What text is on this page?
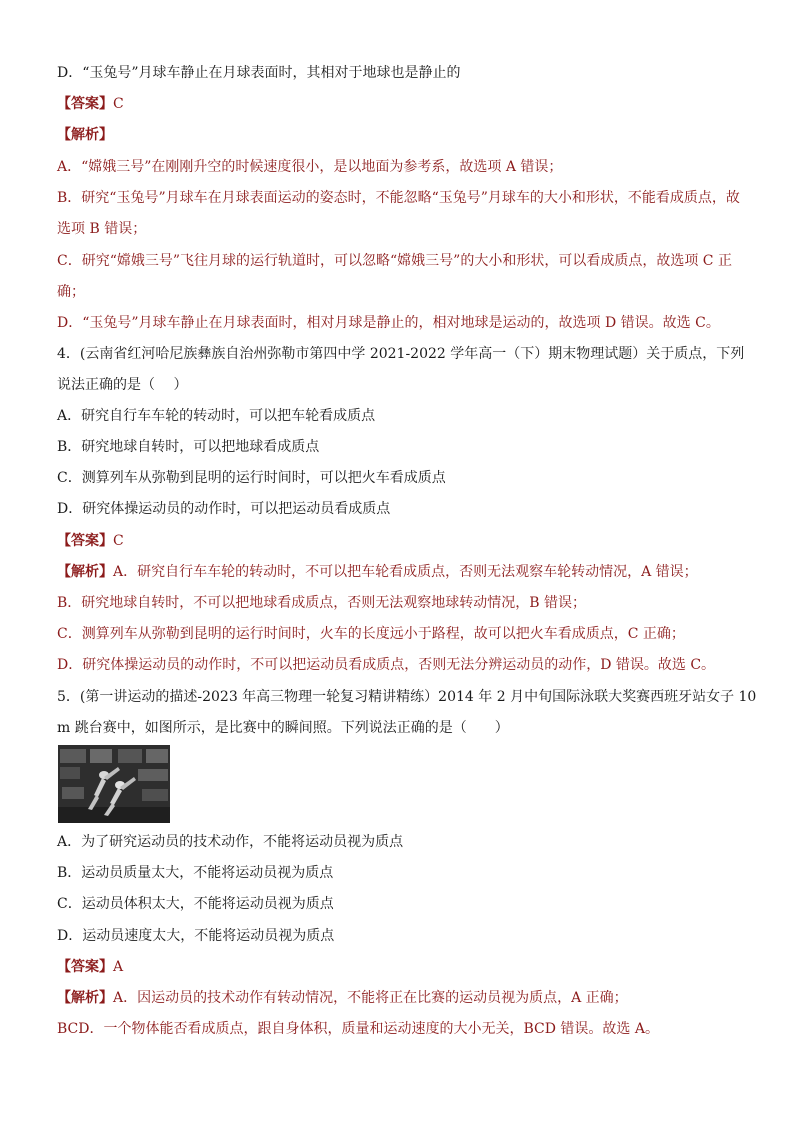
D．“玉兔号”月球车静止在月球表面时，其相对于地球也是静止的
【答案】C
【解析】
A．“嫦娥三号”在刚刚升空的时候速度很小，是以地面为参考系，故选项 A 错误；
B．研究“玉兔号”月球车在月球表面运动的姿态时，不能忽略“玉兔号”月球车的大小和形状，不能看成质点，故
选项 B 错误；
C．研究“嫦娥三号”飞往月球的运行轨道时，可以忽略“嫦娥三号”的大小和形状，可以看成质点，故选项 C 正
确；
D．“玉兔号”月球车静止在月球表面时，相对月球是静止的，相对地球是运动的，故选项 D 错误。故选 C。
4．(云南省红河哈尼族彝族自治州弥勒市第四中学 2021-2022 学年高一（下）期末物理试题）关于质点，下列
说法正确的是（　 ）
A．研究自行车车轮的转动时，可以把车轮看成质点
B．研究地球自转时，可以把地球看成质点
C．测算列车从弥勒到昆明的运行时间时，可以把火车看成质点
D．研究体操运动员的动作时，可以把运动员看成质点
【答案】C
【解析】A．研究自行车车轮的转动时，不可以把车轮看成质点，否则无法观察车轮转动情况，A 错误；
B．研究地球自转时，不可以把地球看成质点，否则无法观察地球转动情况，B 错误；
C．测算列车从弥勒到昆明的运行时间时，火车的长度远小于路程，故可以把火车看成质点，C 正确；
D．研究体操运动员的动作时，不可以把运动员看成质点，否则无法分辨运动员的动作，D 错误。故选 C。
5．(第一讲运动的描述-2023 年高三物理一轮复习精讲精练）2014 年 2 月中旬国际泳联大奖赛西班牙站女子 10
m 跳台赛中，如图所示，是比赛中的瞬间照。下列说法正确的是（　　）
A．为了研究运动员的技术动作，不能将运动员视为质点
B．运动员质量太大，不能将运动员视为质点
C．运动员体积太大，不能将运动员视为质点
D．运动员速度太大，不能将运动员视为质点
【答案】A
【解析】A．因运动员的技术动作有转动情况，不能将正在比赛的运动员视为质点，A 正确；
BCD．一个物体能否看成质点，跟自身体积，质量和运动速度的大小无关，BCD 错误。故选 A。
